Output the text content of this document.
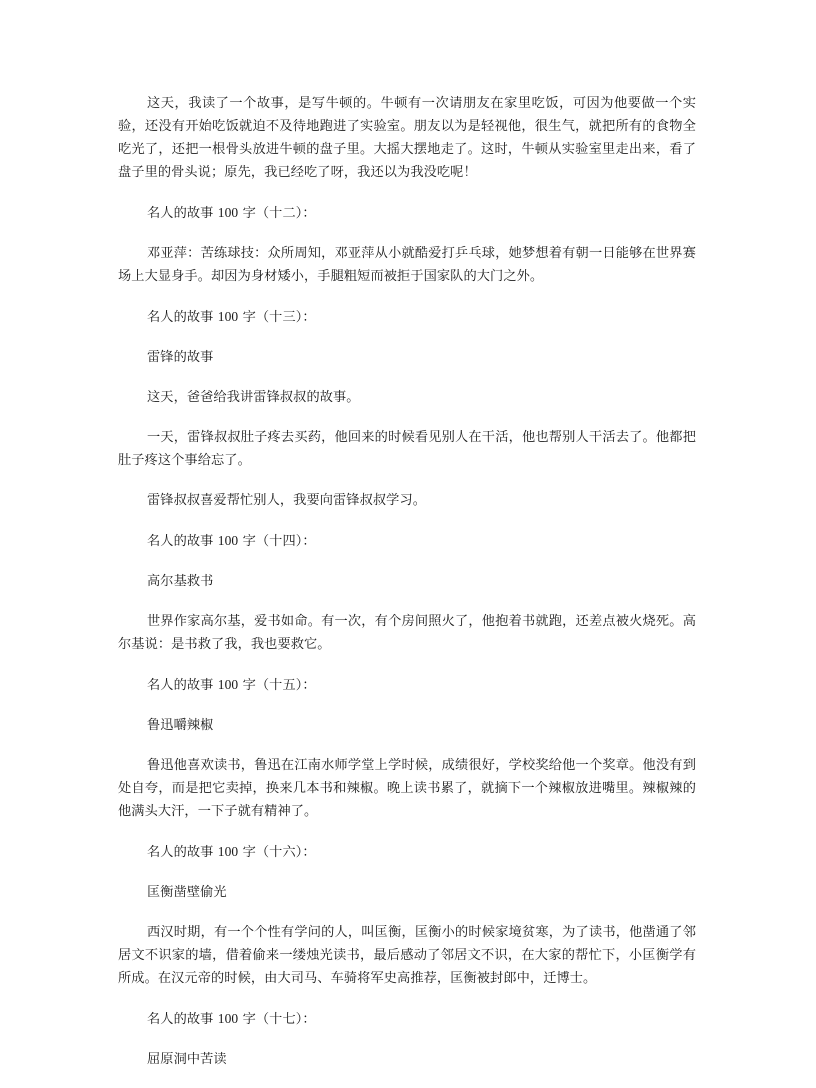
这天，我读了一个故事，是写牛顿的。牛顿有一次请朋友在家里吃饭，可因为他要做一个实验，还没有开始吃饭就迫不及待地跑进了实验室。朋友以为是轻视他，很生气，就把所有的食物全吃光了，还把一根骨头放进牛顿的盘子里。大摇大摆地走了。这时，牛顿从实验室里走出来，看了盘子里的骨头说；原先，我已经吃了呀，我还以为我没吃呢！

名人的故事 100 字（十二）：

邓亚萍：苦练球技：众所周知，邓亚萍从小就酷爱打乒乓球，她梦想着有朝一日能够在世界赛场上大显身手。却因为身材矮小，手腿粗短而被拒于国家队的大门之外。

名人的故事 100 字（十三）：

雷锋的故事

这天，爸爸给我讲雷锋叔叔的故事。

一天，雷锋叔叔肚子疼去买药，他回来的时候看见别人在干活，他也帮别人干活去了。他都把肚子疼这个事给忘了。

雷锋叔叔喜爱帮忙别人，我要向雷锋叔叔学习。

名人的故事 100 字（十四）：

高尔基救书

世界作家高尔基，爱书如命。有一次，有个房间照火了，他抱着书就跑，还差点被火烧死。高尔基说：是书救了我，我也要救它。

名人的故事 100 字（十五）：

鲁迅嚼辣椒

鲁迅他喜欢读书，鲁迅在江南水师学堂上学时候，成绩很好，学校奖给他一个奖章。他没有到处自夸，而是把它卖掉，换来几本书和辣椒。晚上读书累了，就摘下一个辣椒放进嘴里。辣椒辣的他满头大汗，一下子就有精神了。

名人的故事 100 字（十六）：

匡衡凿壁偷光

西汉时期，有一个个性有学问的人，叫匡衡，匡衡小的时候家境贫寒，为了读书，他凿通了邻居文不识家的墙，借着偷来一缕烛光读书，最后感动了邻居文不识，在大家的帮忙下，小匡衡学有所成。在汉元帝的时候，由大司马、车骑将军史高推荐，匡衡被封郎中，迁博士。

名人的故事 100 字（十七）：

屈原洞中苦读
